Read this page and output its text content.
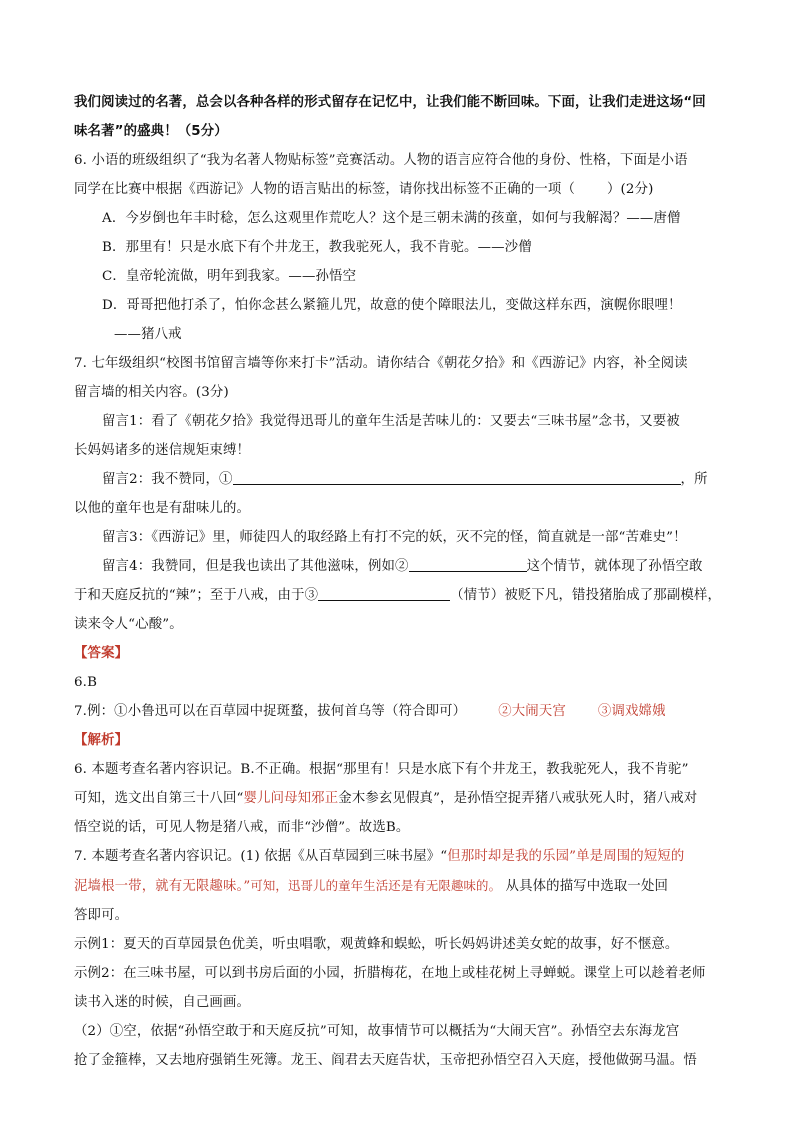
我们阅读过的名著，总会以各种各样的形式留存在记忆中，让我们能不断回味。下面，让我们走进这场“回
味名著”的盛典！（5分）
6. 小语的班级组织了“我为名著人物贴标签”竞赛活动。人物的语言应符合他的身份、性格，下面是小语
同学在比赛中根据《西游记》人物的语言贴出的标签，请你找出标签不正确的一项（ ）(2分)
A．今岁倒也年丰时稔，怎么这观里作荒吃人？这个是三朝未满的孩童，如何与我解渴？——唐僧
B．那里有！只是水底下有个井龙王，教我驼死人，我不肯驼。——沙僧
C．皇帝轮流做，明年到我家。——孙悟空
D．哥哥把他打杀了，怕你念甚么紧箍儿咒，故意的使个障眼法儿，变做这样东西，演幌你眼哩！
——猪八戒
7. 七年级组织“校图书馆留言墙等你来打卡”活动。请你结合《朝花夕拾》和《西游记》内容，补全阅读
留言墙的相关内容。(3分)
留言1：看了《朝花夕拾》我觉得迅哥儿的童年生活是苦味儿的：又要去“三味书屋”念书，又要被
长妈妈诸多的迷信规矩束缚！
留言2：我不赞同，①	，所
以他的童年也是有甜味儿的。
留言3：《西游记》里，师徒四人的取经路上有打不完的妖，灭不完的怪，简直就是一部“苦难史”！
留言4：我赞同，但是我也读出了其他滋味，例如②	这个情节，就体现了孙悟空敢
于和天庭反抗的“辣”；至于八戒，由于③	（情节）被贬下凡，错投猪胎成了那副模样，
读来令人“心酸”。
【答案】
6.B
7.例：①小鲁迅可以在百草园中捉斑蝥，拔何首乌等（符合即可） ②大闹天宫 ③调戏嫦娥
【解析】
6. 本题考查名著内容识记。B.不正确。根据“那里有！只是水底下有个井龙王，教我驼死人，我不肯驼”
可知，选文出自第三十八回“婴儿问母知邪正金木参玄见假真”，是孙悟空捉弄猪八戒驮死人时，猪八戒对
悟空说的话，可见人物是猪八戒，而非“沙僧”。故选B。
7. 本题考查名著内容识记。(1) 依据《从百草园到三味书屋》“但那时却是我的乐园”单是周围的短短的
泥墙根一带，就有无限趣味。”可知，迅哥儿的童年生活还是有无限趣味的。 从具体的描写中选取一处回
答即可。
示例1：夏天的百草园景色优美，听虫唱歌，观黄蜂和蜈蚣，听长妈妈讲述美女蛇的故事，好不惬意。
示例2：在三味书屋，可以到书房后面的小园，折腊梅花，在地上或桂花树上寻蝉蜕。课堂上可以趁着老师
读书入迷的时候，自己画画。
（2）①空，依据“孙悟空敢于和天庭反抗”可知，故事情节可以概括为“大闹天宫”。孙悟空去东海龙宫
抢了金箍棒，又去地府强销生死簿。龙王、阎君去天庭告状，玉帝把孙悟空召入天庭，授他做弼马温。悟
